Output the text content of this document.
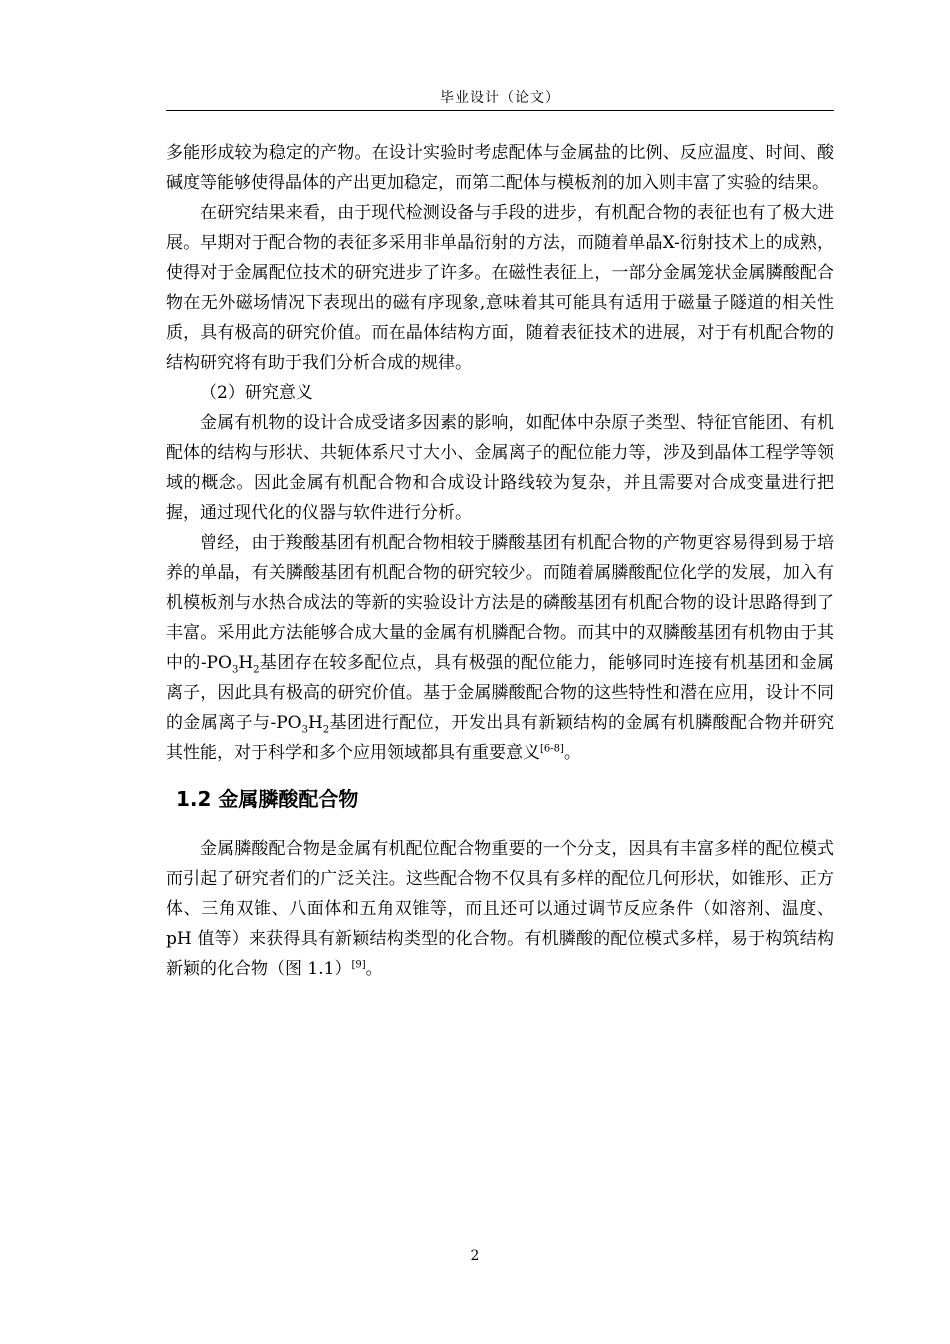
毕业设计（论文）

多能形成较为稳定的产物。在设计实验时考虑配体与金属盐的比例、反应温度、时间、酸碱度等能够使得晶体的产出更加稳定，而第二配体与模板剂的加入则丰富了实验的结果。

在研究结果来看，由于现代检测设备与手段的进步，有机配合物的表征也有了极大进展。早期对于配合物的表征多采用非单晶衍射的方法，而随着单晶X-衍射技术上的成熟，使得对于金属配位技术的研究进步了许多。在磁性表征上，一部分金属笼状金属膦酸配合物在无外磁场情况下表现出的磁有序现象,意味着其可能具有适用于磁量子隧道的相关性质，具有极高的研究价值。而在晶体结构方面，随着表征技术的进展，对于有机配合物的结构研究将有助于我们分析合成的规律。

（2）研究意义

金属有机物的设计合成受诸多因素的影响，如配体中杂原子类型、特征官能团、有机配体的结构与形状、共轭体系尺寸大小、金属离子的配位能力等，涉及到晶体工程学等领域的概念。因此金属有机配合物和合成设计路线较为复杂，并且需要对合成变量进行把握，通过现代化的仪器与软件进行分析。

曾经，由于羧酸基团有机配合物相较于膦酸基团有机配合物的产物更容易得到易于培养的单晶，有关膦酸基团有机配合物的研究较少。而随着属膦酸配位化学的发展，加入有机模板剂与水热合成法的等新的实验设计方法是的磷酸基团有机配合物的设计思路得到了丰富。采用此方法能够合成大量的金属有机膦配合物。而其中的双膦酸基团有机物由于其中的$-PO_3H_2$基团存在较多配位点，具有极强的配位能力，能够同时连接有机基团和金属离子，因此具有极高的研究价值。基于金属膦酸配合物的这些特性和潜在应用，设计不同的金属离子与$-PO_3H_2$基团进行配位，开发出具有新颖结构的金属有机膦酸配合物并研究其性能，对于科学和多个应用领域都具有重要意义[6-8]。

1.2 金属膦酸配合物

金属膦酸配合物是金属有机配位配合物重要的一个分支，因具有丰富多样的配位模式而引起了研究者们的广泛关注。这些配合物不仅具有多样的配位几何形状，如锥形、正方体、三角双锥、八面体和五角双锥等，而且还可以通过调节反应条件（如溶剂、温度、pH 值等）来获得具有新颖结构类型的化合物。有机膦酸的配位模式多样，易于构筑结构新颖的化合物（图 1.1）[9]。

2
